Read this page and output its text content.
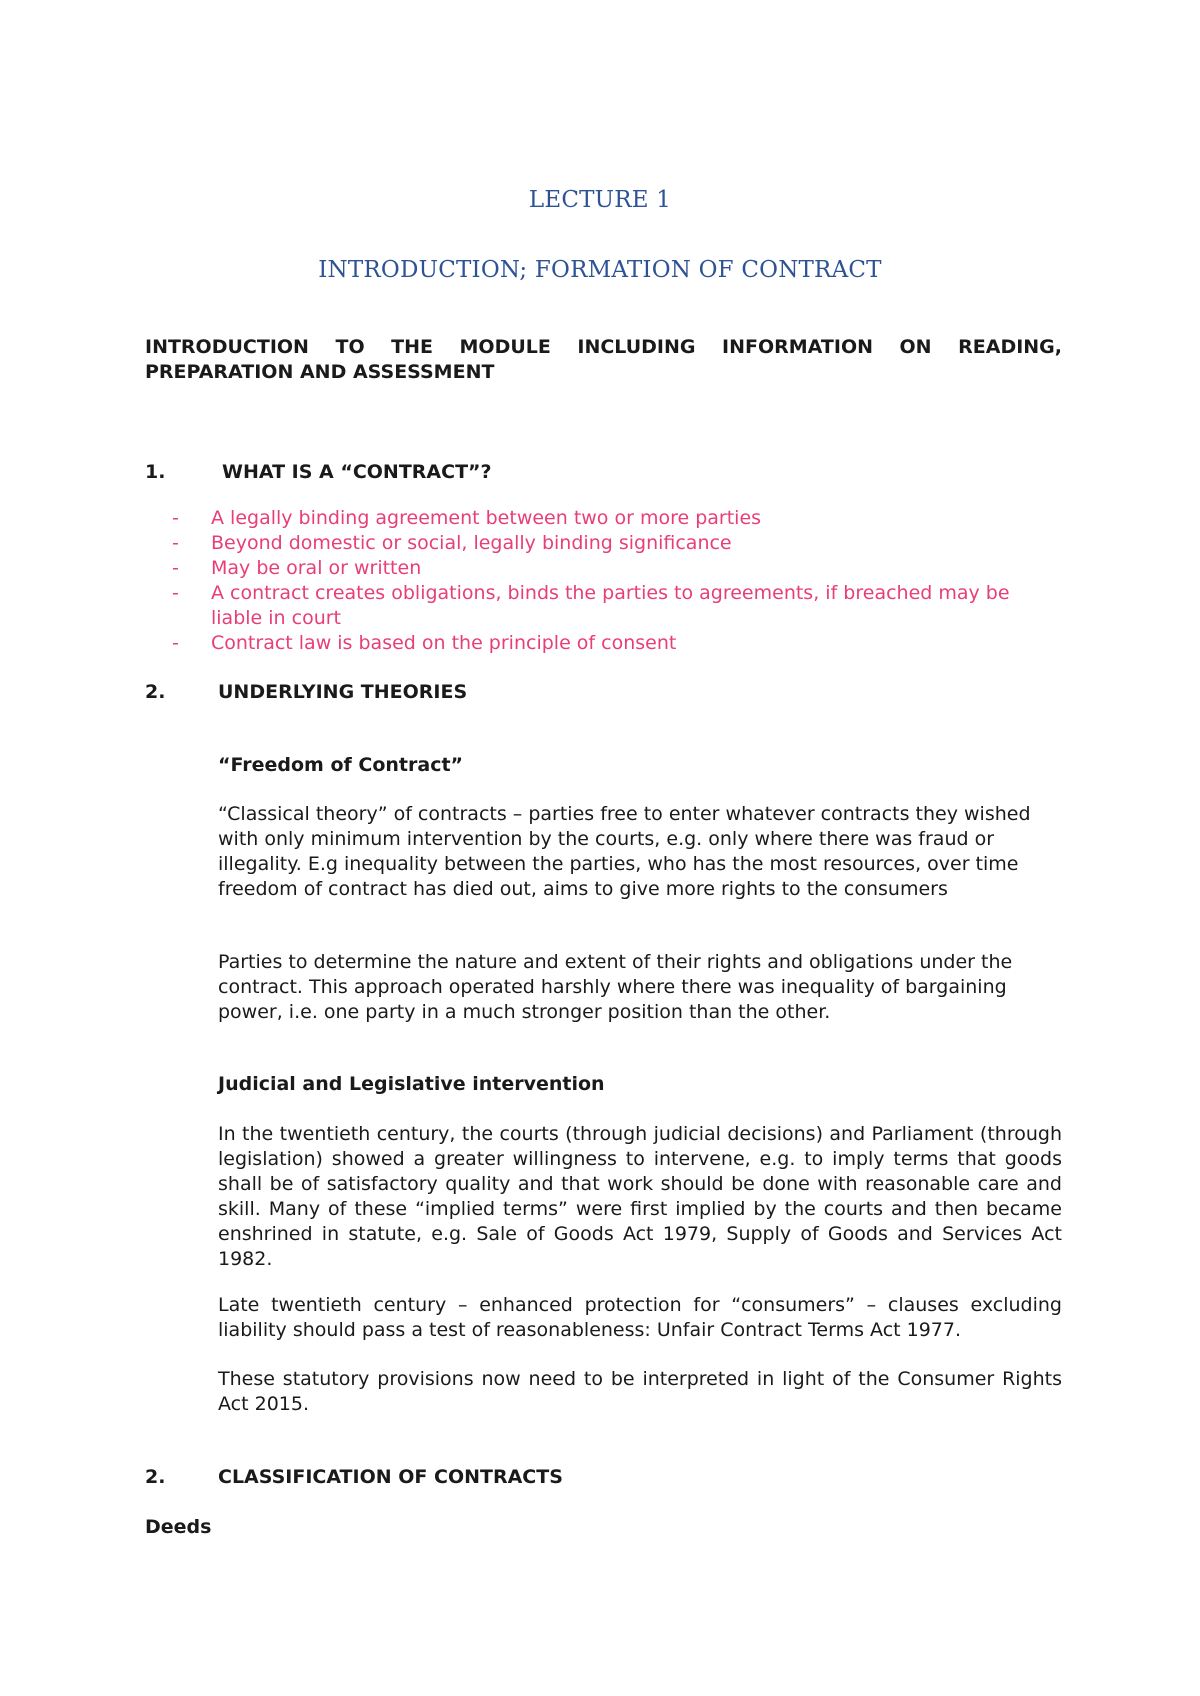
LECTURE 1
INTRODUCTION; FORMATION OF CONTRACT

INTRODUCTION TO THE MODULE INCLUDING INFORMATION ON READING, PREPARATION AND ASSESSMENT

1.	WHAT IS A “CONTRACT”?
- A legally binding agreement between two or more parties
- Beyond domestic or social, legally binding significance
- May be oral or written
- A contract creates obligations, binds the parties to agreements, if breached may be liable in court
- Contract law is based on the principle of consent
2.	UNDERLYING THEORIES
“Freedom of Contract”

“Classical theory” of contracts – parties free to enter whatever contracts they wished with only minimum intervention by the courts, e.g. only where there was fraud or illegality. E.g inequality between the parties, who has the most resources, over time freedom of contract has died out, aims to give more rights to the consumers

Parties to determine the nature and extent of their rights and obligations under the contract. This approach operated harshly where there was inequality of bargaining power, i.e. one party in a much stronger position than the other.

Judicial and Legislative intervention

In the twentieth century, the courts (through judicial decisions) and Parliament (through legislation) showed a greater willingness to intervene, e.g. to imply terms that goods shall be of satisfactory quality and that work should be done with reasonable care and skill. Many of these “implied terms” were first implied by the courts and then became enshrined in statute, e.g. Sale of Goods Act 1979, Supply of Goods and Services Act 1982.

Late twentieth century – enhanced protection for “consumers” – clauses excluding liability should pass a test of reasonableness: Unfair Contract Terms Act 1977.

These statutory provisions now need to be interpreted in light of the Consumer Rights Act 2015.

2.	CLASSIFICATION OF CONTRACTS
Deeds
